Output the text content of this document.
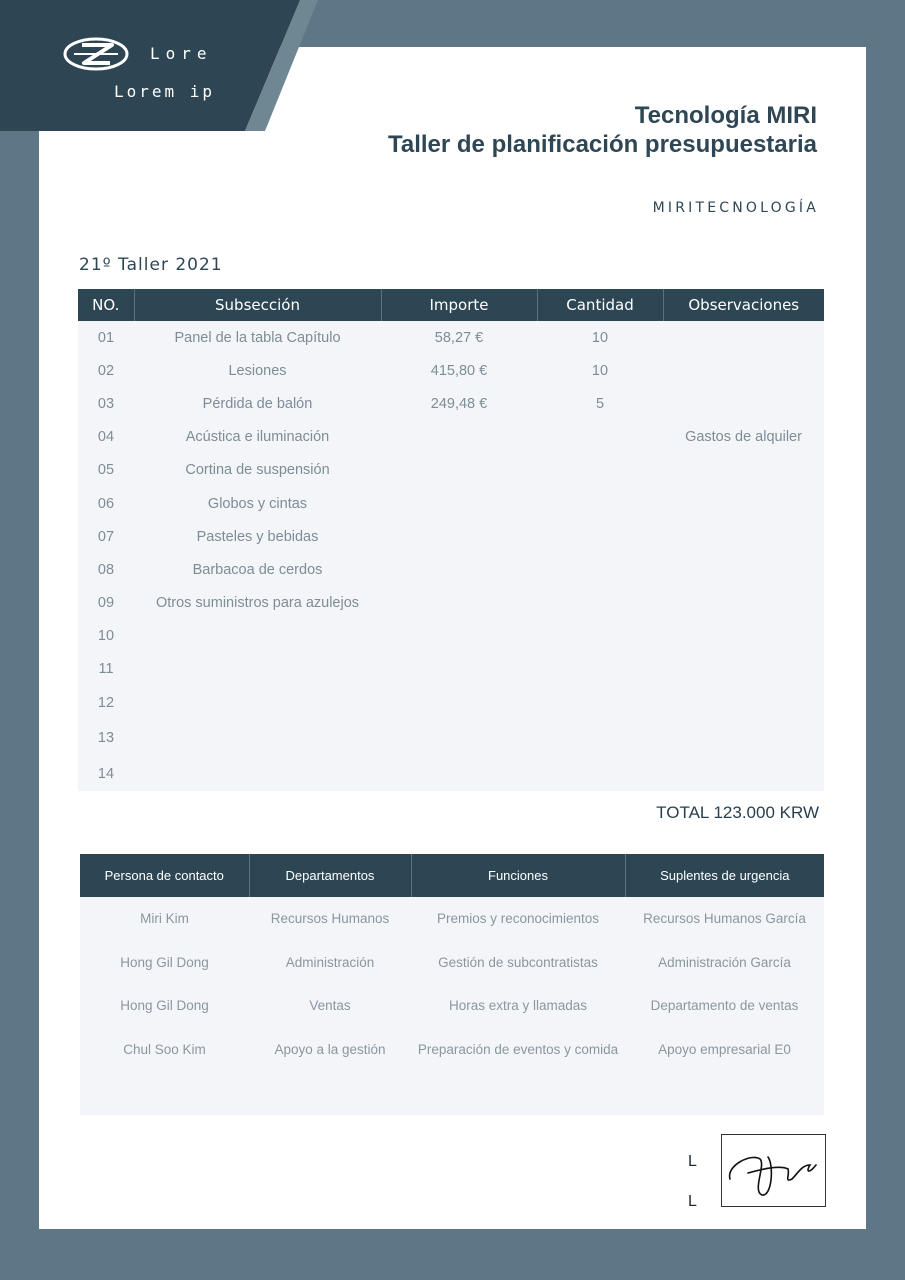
Lore
Lorem ip
Tecnología MIRI
Taller de planificación presupuestaria
MIRITECNOLOGÍA
21º Taller 2021
NO.	Subsección	Importe	Cantidad	Observaciones
01	Panel de la tabla Capítulo	58,27 €	10	
02	Lesiones	415,80 €	10	
03	Pérdida de balón	249,48 €	5	
04	Acústica e iluminación			Gastos de alquiler
05	Cortina de suspensión			
06	Globos y cintas			
07	Pasteles y bebidas			
08	Barbacoa de cerdos			
09	Otros suministros para azulejos			
10				
11				
12				
13				
14				
TOTAL 123.000 KRW
Persona de contacto	Departamentos	Funciones	Suplentes de urgencia
Miri Kim	Recursos Humanos	Premios y reconocimientos	Recursos Humanos García
Hong Gil Dong	Administración	Gestión de subcontratistas	Administración García
Hong Gil Dong	Ventas	Horas extra y llamadas	Departamento de ventas
Chul Soo Kim	Apoyo a la gestión	Preparación de eventos y comida	Apoyo empresarial E0

L
L
